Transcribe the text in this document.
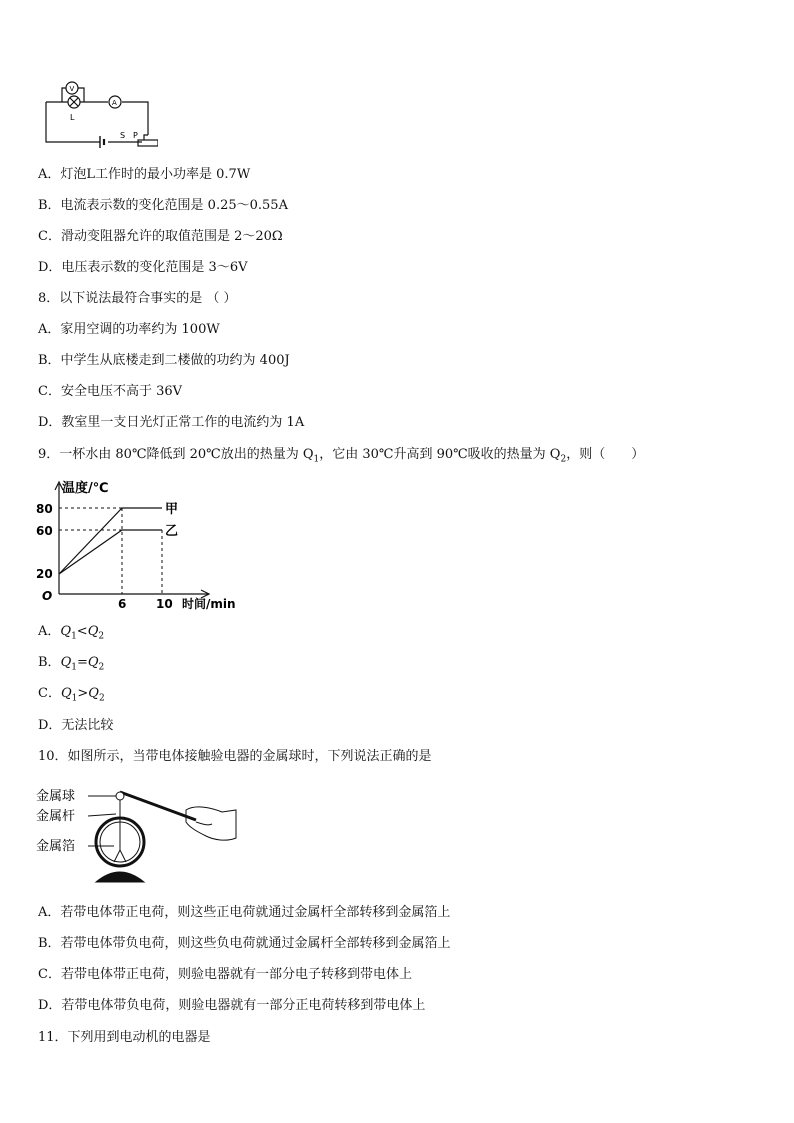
V
A
L
S P
A．灯泡L工作时的最小功率是 0.7W
B．电流表示数的变化范围是 0.25～0.55A
C．滑动变阻器允许的取值范围是 2～20Ω
D．电压表示数的变化范围是 3～6V
8．以下说法最符合事实的是 （ ）
A．家用空调的功率约为 100W
B．中学生从底楼走到二楼做的功约为 400J
C．安全电压不高于 36V
D．教室里一支日光灯正常工作的电流约为 1A
9．一杯水由 80℃降低到 20℃放出的热量为 $Q_1$，它由 30℃升高到 90℃吸收的热量为 $Q_2$，则（　　）
温度/℃
80
60
20
O
6 10 时间/min
甲
乙
A．$Q_1<Q_2$
B．$Q_1=Q_2$
C．$Q_1>Q_2$
D．无法比较
10．如图所示，当带电体接触验电器的金属球时，下列说法正确的是
金属球
金属杆
金属箔
A．若带电体带正电荷，则这些正电荷就通过金属杆全部转移到金属箔上
B．若带电体带负电荷，则这些负电荷就通过金属杆全部转移到金属箔上
C．若带电体带正电荷，则验电器就有一部分电子转移到带电体上
D．若带电体带负电荷，则验电器就有一部分正电荷转移到带电体上
11．下列用到电动机的电器是
